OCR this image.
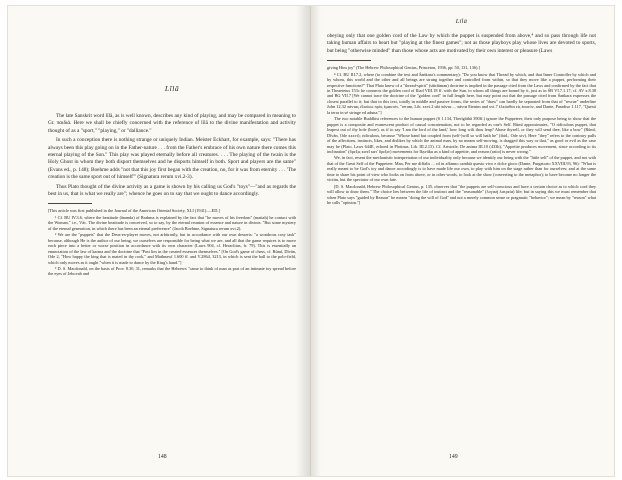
Līlā

The late Sanskrit word līlā, as is well known, describes any kind of playing, and may be compared in meaning to Gr. παιδιά. Here we shall be chiefly concerned with the reference of līlā to the divine manifestation and activity thought of as a "sport," "playing," or "dalliance."

In such a conception there is nothing strange or uniquely Indian. Meister Eckhart, for example, says: "There has always been this play going on in the Father-nature . . . from the Father's embrace of his own nature there comes this eternal playing of the Son." This play was played eternally before all creatures. . . . The playing of the twain is the Holy Ghost in whom they both disport themselves and he disports himself in both. Sport and players are the same" (Evans ed., p. 148); Boehme adds "not that this joy first began with the creation, no, for it was from eternity . . . 'The creation is the same sport out of himself'" (Signatura rerum xvi.2-3).

Thus Plato thought of the divine activity as a game is shown by his calling us God's "toys"—"and as regards the best in us, that is what we really are"; whence he goes on to say that we ought to dance accordingly.

[This article was first published in the Journal of the American Oriental Society, XLI (1941).—ED.]

¹ Cf. BU IV.3.6, where the beatitude (ānanda) of Brahma is explained by the fact that "he moves of his freedom" (mattaḥ) he contact with the Woman," i.e., Vāc. The divine beatitude is conceived, so to say, by the eternal reunion of essence and nature in divinis. "But some mystery of the eternal generation, in which there has been an eternal preference" (Jacob Boehme, Signatura rerum xvi.2).

² We are the "puppets" that the Deus-ex-player moves, not arbitrarily, but in accordance with our own desserts: "a wondrous cosy task" because, although He is the author of our being, we ourselves are responsible for being what we are, and all that the game requires is to move each piece into a better or worse position in accordance with its own character (Laws 904, cf. Heraclitus, fr. 79). This is essentially an enunciation of the law of karma and the doctrine that "Past lies in the created essences themselves." [On God's game of chess, cf. Rūmī, Dīvān, Ode 2, "How happy the king that is mated in thy rook," and Mathnawī 1.600 ff. and V.2864, 3213, in which is sent the ball to the polo-field, which only moves as it ought "when it is made to dance by the King's hand."]

³ D. S. Macdonald, on the basis of Prov. 8.30, 31, remarks that the Hebrews "came to think of man as part of an intimate toy spread before the eyes of Jehovah and

148
Līlā

obeying only that one golden cord of the Law by which the puppet is suspended from above,⁴ and so pass through life not taking human affairs to heart but "playing at the finest games"; not as those playboys play whose lives are devoted to sports, but being "otherwise minded" than those whose acts are motivated by their own interest or pleasure (Laws

giving Him joy" (The Hebrew Philosophical Genius, Princeton, 1936, pp. 50, 131, 136).]

⁴ Cf. BU III.7.2, where (to combine the text and Śaṅkara's commentary): "Do you know that Thread by which, and that Inner Controller by which and by whom, this world and the other and all beings are strung together and controlled from within, so that they move like a puppet, performing their respective functions?" That Plato knew of a "thread-spirit" (sūtrātman) doctrine is implied in the passage cited from the Laws and confirmed by the fact that in Theaetetus 153c he connects the golden cord of Iliad VIII.18 ff. with the Sun, to whom all things are bound by it, just as in ŚB VI.7.1.17; cf. AV x.8.38 and BG VII.7 [We cannot trace the doctrine of the "golden cord" in full length here, but may point out that the passage cited from Śaṅkara expresses the closest parallel to it; but that in this text, totally in middle and passive forms, the series of "draw" can hardly be separated from that of "rescue" underline John 12.32 πάντας ἑλκύσω πρὸς ἐμαυτόν, "rerum, Lib. xxvi.2 ubi πάντα ... πάντα Etenim and xvi.7 ἑλκύσθαι εἰς ἑαυτόν, and Dante, Paradiso 1.117, "Questi la terra in sé stringe ed aduna."]

The two notable Buddhist references to the human puppet (S 1.134, Therīgāthā 390ff.) ignore the Puppeteer, their only purpose being to show that the puppet is a composite and evanescent product of causal concatenation, not to be regarded as one's Self. Rūmī approximates, "O ridiculous puppet, that leapest out of thy hole (bore), as if to say 'I am the lord of the land,' how long wilt thou leap? Abase thyself, or they will send thee, like a bow" (Rūmī, Dīvān, Ode xxxvi); ridiculous, because "Whose hand but coupled from (self-)will so will hath he" (ibid., Ode xiv). Here "they" refers to the contrary pulls of the affections, instincts, likes, and dislikes by which the animal man, by no means self-moving, is dragged this way or that," as good or evil as the case may be (Plato, Laws 644E, echoed in Plotinus, Lib. III.2.15). Cf. Aristotle, De anima III.10 (433b), "Appetite produces movement, since according to its inclination" (ὄρεξις κινεῖ κατ' ὄρεξιν) movements for Ikṣvāku as a kind of appetite, and reason (ratio) is never wrong."

We, in fact, resent the mechanistic interpretation of our individuality only because we identify our being with the "little self" of the puppet, and not with that of the Great Self of the Puppeteer. Man, Per me diffalis ... cd in affanno cambià questo vivo e dolce gioco (Dante, Purgatorio XXVIII.93, 96): "What is really meant to be God's toy and dance accordingly is to have made life our own, to play with him on the stage rather than for ourselves; and at the same time to share his point of view who looks on from above, or in other words, to look at the show (converting to the metaphor); to have become no longer the victim, but the spectator of our own fate.

[D. S. Macdonald, Hebrew Philosophical Genius, p. 135, observes that "the puppets are self-conscious and have a certain choice as to which cord they will allow to draw them." The choice lies between the life of instinct and the "reasonable" (λογικὴ λατρεία) life; but in saying this we must remember that when Plato says "guided by Reason" he means "doing the will of God" and not a merely common sense or pragmatic "behavior"; we mean by "reason" what he calls "opinion."]

149
